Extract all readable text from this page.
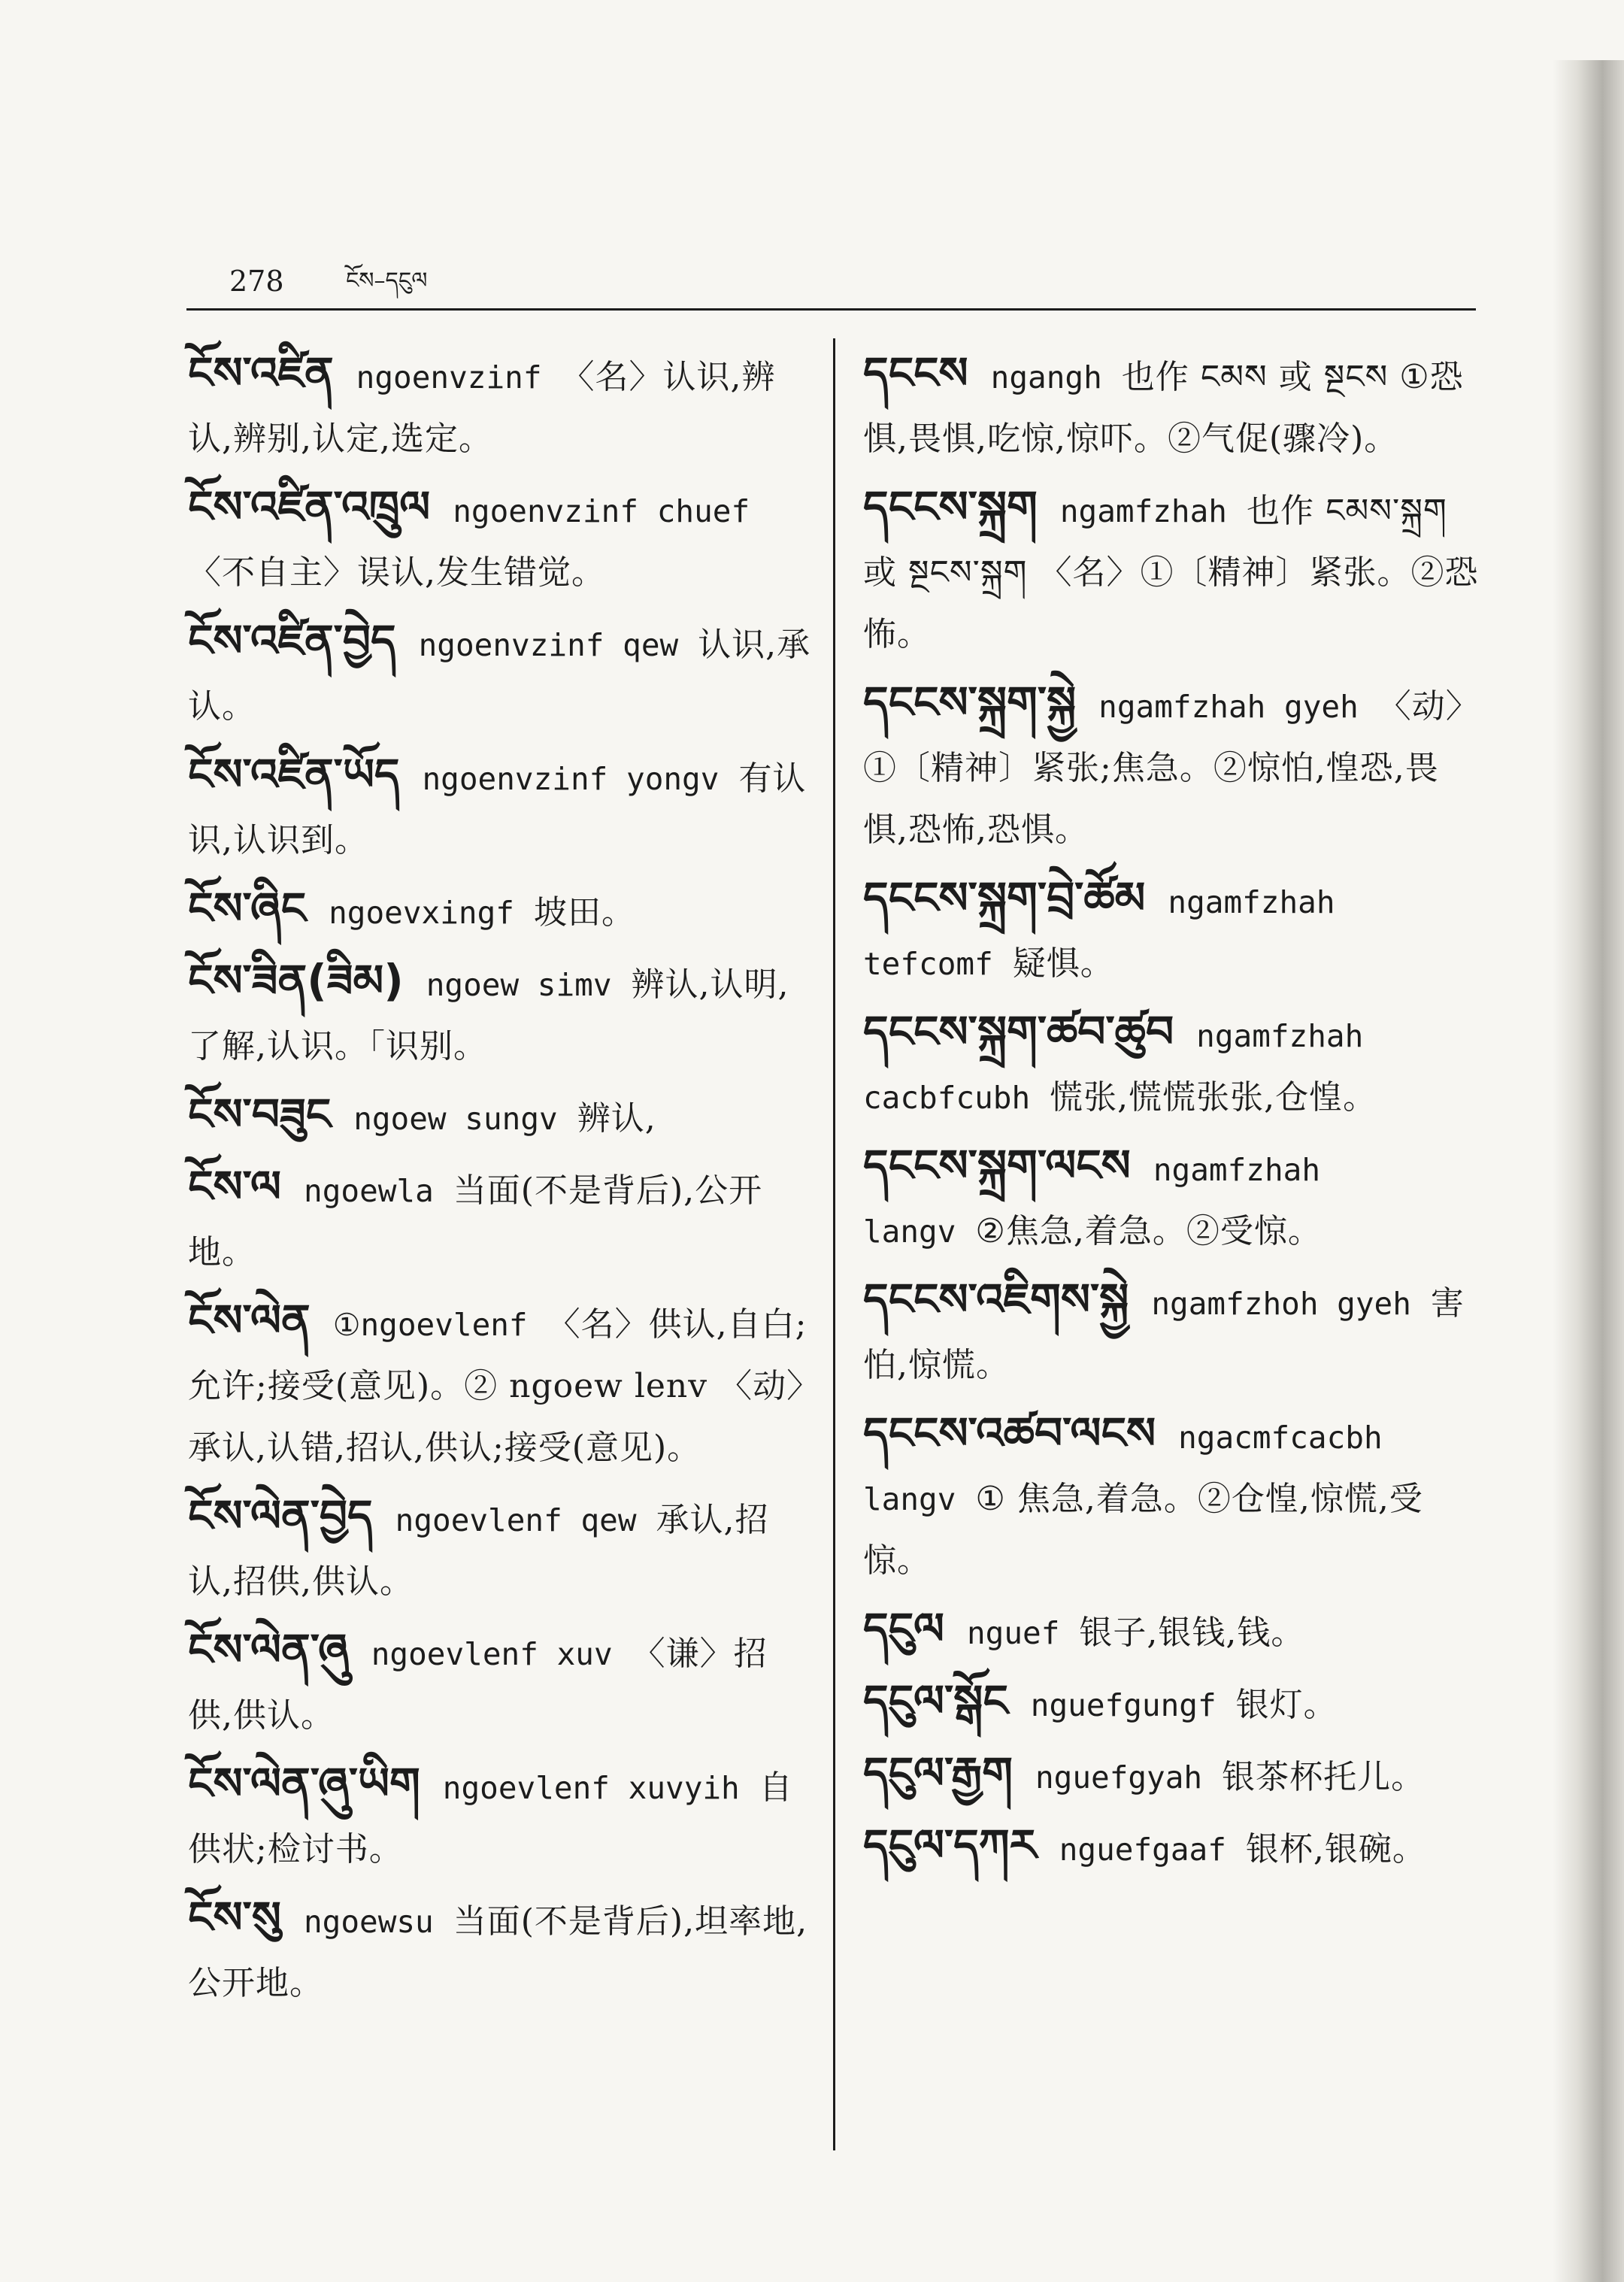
278	ངོས–དངུལ
ངོས་འཛིན ngoenvzinf 〈名〉认识,辨认,辨别,认定,选定。
ངོས་འཛིན་འཁྲུལ ngoenvzinf chuef〈不自主〉误认,发生错觉。
ངོས་འཛིན་བྱེད ngoenvzinf qew 认识,承认。
ངོས་འཛིན་ཡོད ngoenvzinf yongv 有认识,认识到。
ངོས་ཞིང ngoevxingf 坡田。
ངོས་ཟིན(ཟིམ) ngoew simv 辨认,认明,了解,认识。「识别。
ངོས་བཟུང ngoew sungv 辨认,
ངོས་ལ ngoewla 当面(不是背后),公开地。
ངོས་ལེན ①ngoevlenf 〈名〉供认,自白;允许;接受(意见)。② ngoew lenv 〈动〉承认,认错,招认,供认;接受(意见)。
ངོས་ལེན་བྱེད ngoevlenf qew 承认,招认,招供,供认。
ངོས་ལེན་ཞུ ngoevlenf xuv 〈谦〉招供,供认。
ངོས་ལེན་ཞུ་ཡིག ngoevlenf xuvyih 自供状;检讨书。
ངོས་སུ ngoewsu 当面(不是背后),坦率地,公开地。
དངངས ngangh 也作 ངམས 或 སྔངས ①恐惧,畏惧,吃惊,惊吓。②气促(骤冷)。
དངངས་སྐྲག ngamfzhah 也作 ངམས་སྐྲག 或 སྔངས་སྐྲག 〈名〉①〔精神〕紧张。②恐怖。
དངངས་སྐྲག་སྐྱེ ngamfzhah gyeh 〈动〉①〔精神〕紧张;焦急。②惊怕,惶恐,畏惧,恐怖,恐惧。
དངངས་སྐྲག་བྲེ་ཚོམ ngamfzhah tefcomf 疑惧。
དངངས་སྐྲག་ཚབ་ཚུབ ngamfzhah cacbfcubh 慌张,慌慌张张,仓惶。
དངངས་སྐྲག་ལངས ngamfzhah langv ②焦急,着急。②受惊。
དངངས་འཇིགས་སྐྱེ ngamfzhoh gyeh 害怕,惊慌。
དངངས་འཚབ་ལངས ngacmfcacbh langv ① 焦急,着急。②仓惶,惊慌,受惊。
དངུལ nguef 银子,银钱,钱。
དངུལ་སྒོང nguefgungf 银灯。
དངུལ་རྒྱག nguefgyah 银茶杯托儿。
དངུལ་དཀར nguefgaaf 银杯,银碗。
